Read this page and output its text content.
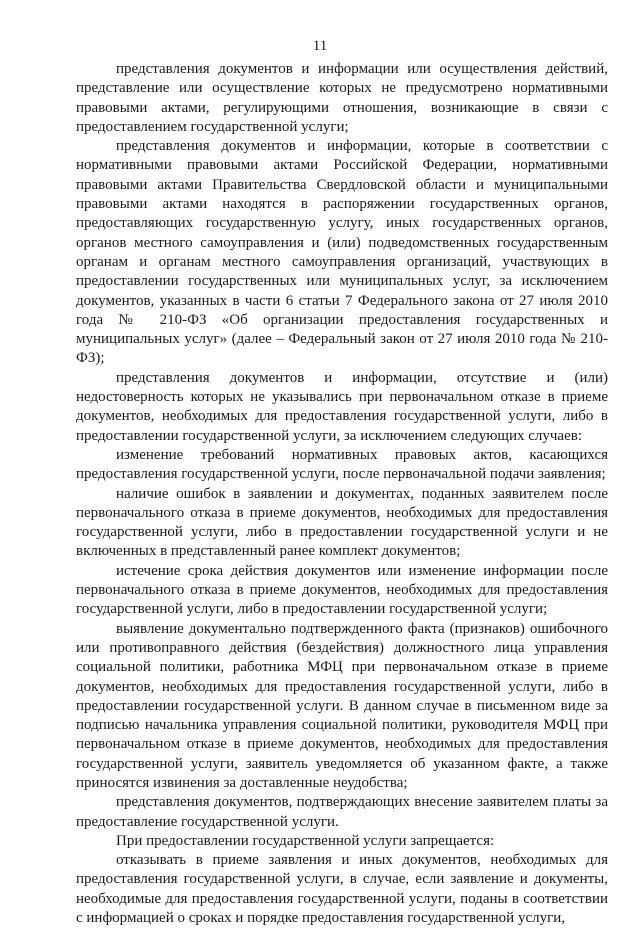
11

представления документов и информации или осуществления действий, представление или осуществление которых не предусмотрено нормативными правовыми актами, регулирующими отношения, возникающие в связи с предоставлением государственной услуги;

представления документов и информации, которые в соответствии с нормативными правовыми актами Российской Федерации, нормативными правовыми актами Правительства Свердловской области и муниципальными правовыми актами находятся в распоряжении государственных органов, предоставляющих государственную услугу, иных государственных органов, органов местного самоуправления и (или) подведомственных государственным органам и органам местного самоуправления организаций, участвующих в предоставлении государственных или муниципальных услуг, за исключением документов, указанных в части 6 статьи 7 Федерального закона от 27 июля 2010 года № 210-ФЗ «Об организации предоставления государственных и муниципальных услуг» (далее – Федеральный закон от 27 июля 2010 года № 210-ФЗ);

представления документов и информации, отсутствие и (или) недостоверность которых не указывались при первоначальном отказе в приеме документов, необходимых для предоставления государственной услуги, либо в предоставлении государственной услуги, за исключением следующих случаев:

изменение требований нормативных правовых актов, касающихся предоставления государственной услуги, после первоначальной подачи заявления;

наличие ошибок в заявлении и документах, поданных заявителем после первоначального отказа в приеме документов, необходимых для предоставления государственной услуги, либо в предоставлении государственной услуги и не включенных в представленный ранее комплект документов;

истечение срока действия документов или изменение информации после первоначального отказа в приеме документов, необходимых для предоставления государственной услуги, либо в предоставлении государственной услуги;

выявление документально подтвержденного факта (признаков) ошибочного или противоправного действия (бездействия) должностного лица управления социальной политики, работника МФЦ при первоначальном отказе в приеме документов, необходимых для предоставления государственной услуги, либо в предоставлении государственной услуги. В данном случае в письменном виде за подписью начальника управления социальной политики, руководителя МФЦ при первоначальном отказе в приеме документов, необходимых для предоставления государственной услуги, заявитель уведомляется об указанном факте, а также приносятся извинения за доставленные неудобства;

представления документов, подтверждающих внесение заявителем платы за предоставление государственной услуги.

При предоставлении государственной услуги запрещается:

отказывать в приеме заявления и иных документов, необходимых для предоставления государственной услуги, в случае, если заявление и документы, необходимые для предоставления государственной услуги, поданы в соответствии с информацией о сроках и порядке предоставления государственной услуги,
